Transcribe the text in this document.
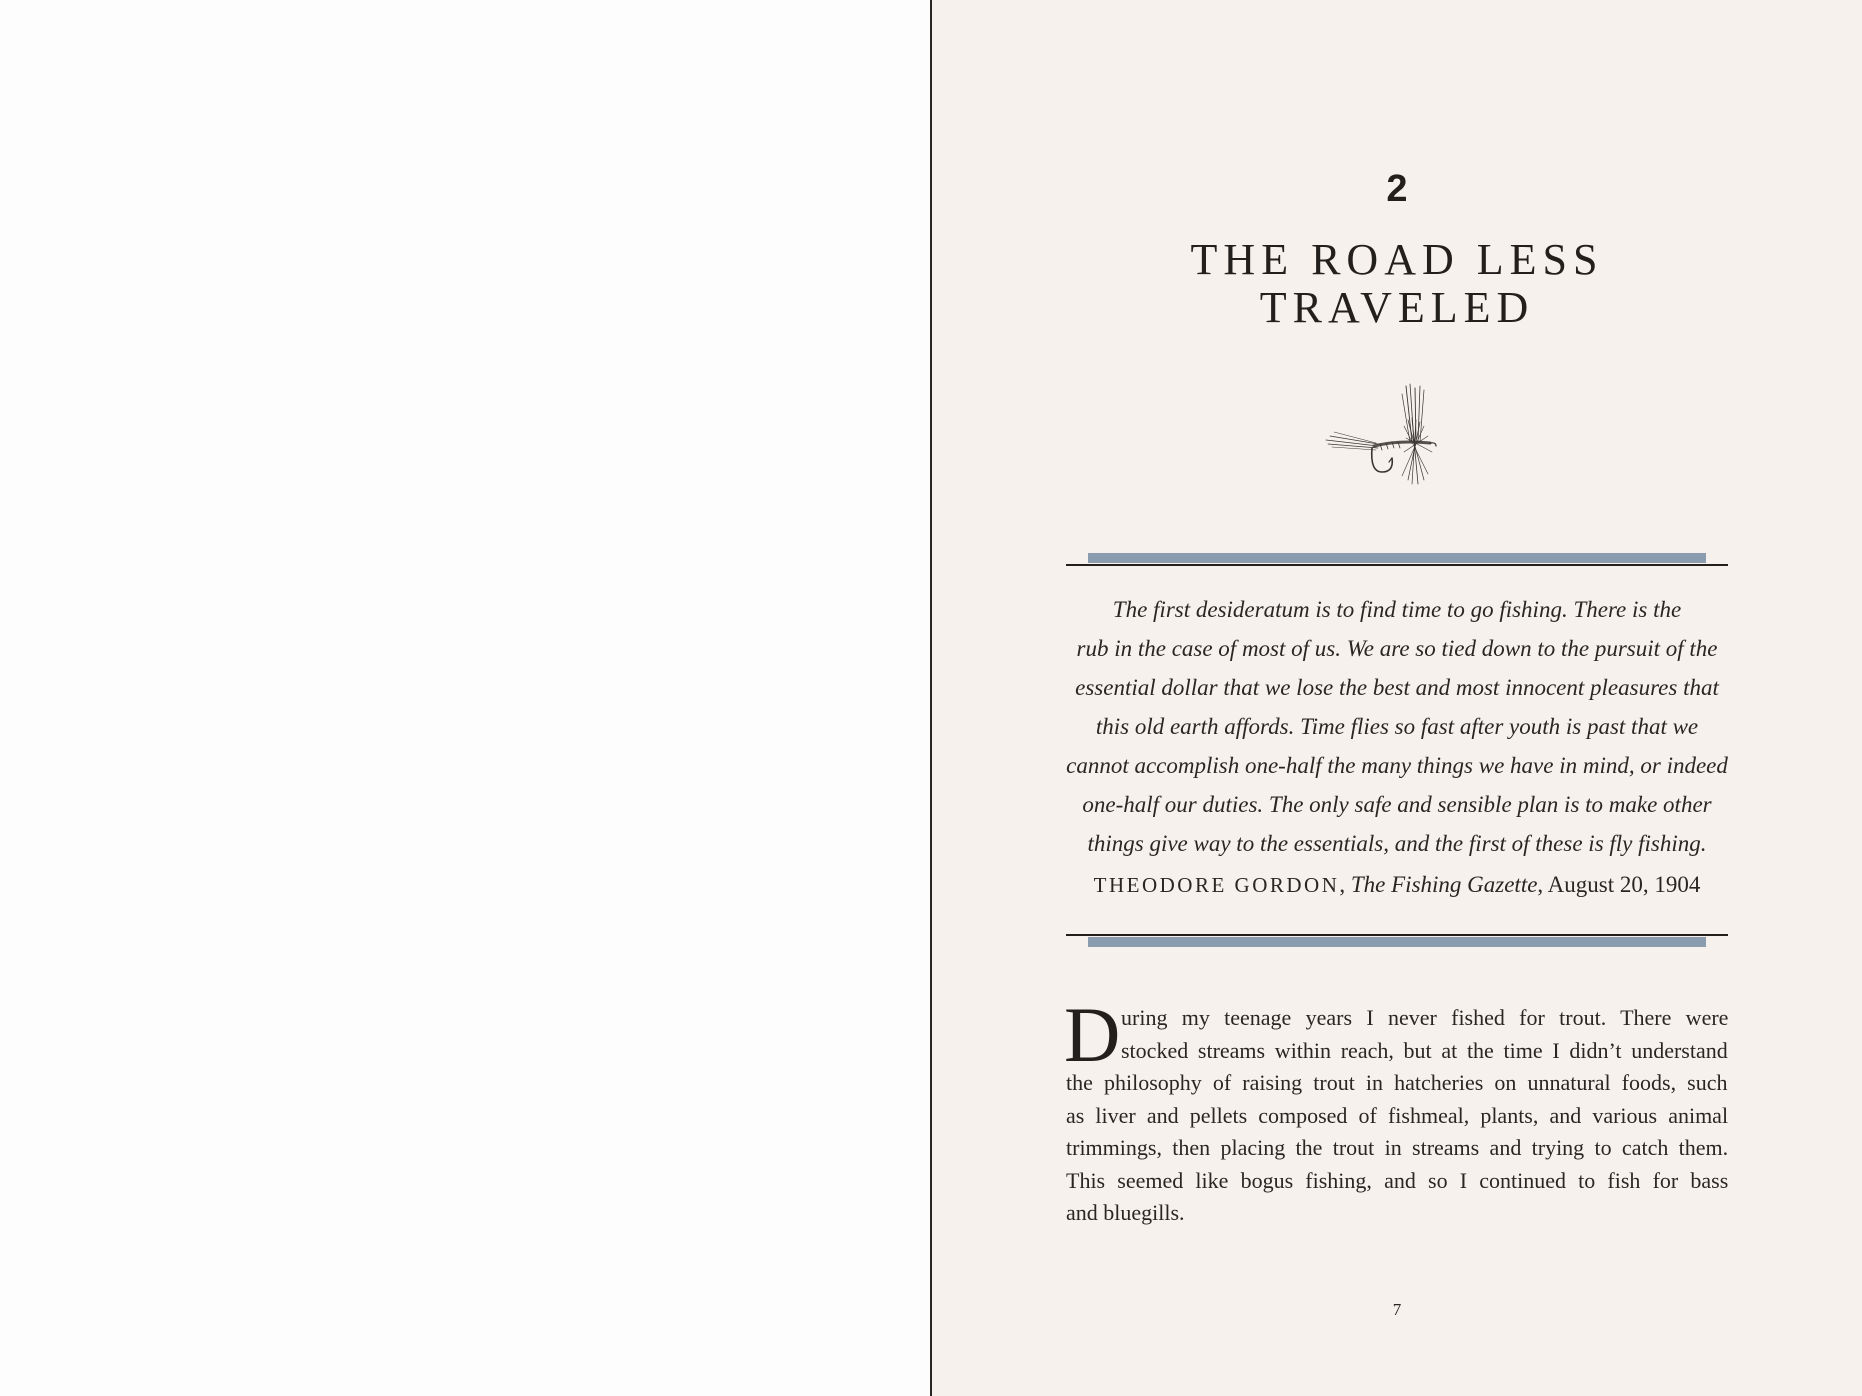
2
THE ROAD LESS
TRAVELED
The first desideratum is to find time to go fishing. There is the
rub in the case of most of us. We are so tied down to the pursuit of the
essential dollar that we lose the best and most innocent pleasures that
this old earth affords. Time flies so fast after youth is past that we
cannot accomplish one-half the many things we have in mind, or indeed
one-half our duties. The only safe and sensible plan is to make other
things give way to the essentials, and the first of these is fly fishing.
THEODORE GORDON, The Fishing Gazette, August 20, 1904
D uring my teenage years I never fished for trout. There were
stocked streams within reach, but at the time I didn’t understand
the philosophy of raising trout in hatcheries on unnatural foods, such
as liver and pellets composed of fishmeal, plants, and various animal
trimmings, then placing the trout in streams and trying to catch them.
This seemed like bogus fishing, and so I continued to fish for bass
and bluegills.
7
